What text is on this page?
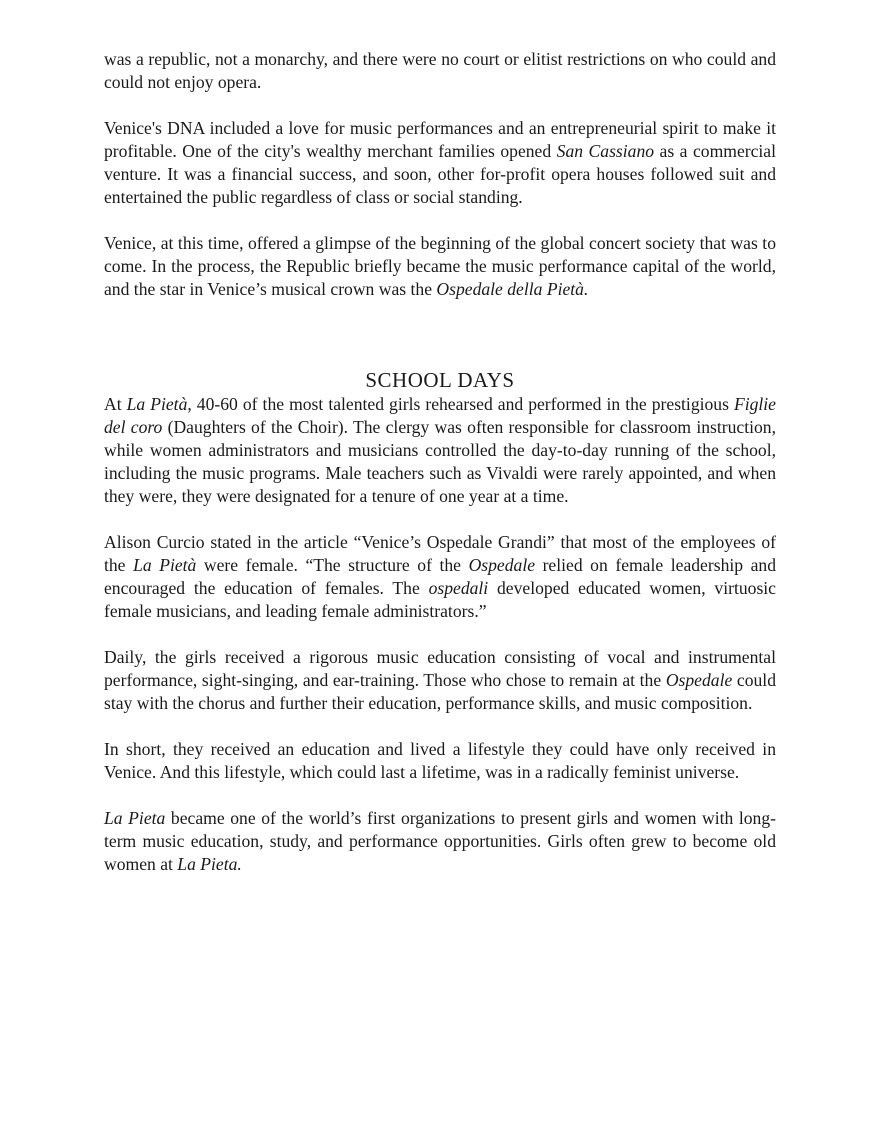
was a republic, not a monarchy, and there were no court or elitist restrictions on who could and could not enjoy opera.

Venice's DNA included a love for music performances and an entrepreneurial spirit to make it profitable. One of the city's wealthy merchant families opened San Cassiano as a commercial venture. It was a financial success, and soon, other for-profit opera houses followed suit and entertained the public regardless of class or social standing.

Venice, at this time, offered a glimpse of the beginning of the global concert society that was to come. In the process, the Republic briefly became the music performance capital of the world, and the star in Venice’s musical crown was the Ospedale della Pietà.

SCHOOL DAYS

At La Pietà, 40-60 of the most talented girls rehearsed and performed in the prestigious Figlie del coro (Daughters of the Choir). The clergy was often responsible for classroom instruction, while women administrators and musicians controlled the day-to-day running of the school, including the music programs. Male teachers such as Vivaldi were rarely appointed, and when they were, they were designated for a tenure of one year at a time.

Alison Curcio stated in the article “Venice’s Ospedale Grandi” that most of the employees of the La Pietà were female. “The structure of the Ospedale relied on female leadership and encouraged the education of females. The ospedali developed educated women, virtuosic female musicians, and leading female administrators.”

Daily, the girls received a rigorous music education consisting of vocal and instrumental performance, sight-singing, and ear-training. Those who chose to remain at the Ospedale could stay with the chorus and further their education, performance skills, and music composition.

In short, they received an education and lived a lifestyle they could have only received in Venice. And this lifestyle, which could last a lifetime, was in a radically feminist universe.

La Pieta became one of the world’s first organizations to present girls and women with long-term music education, study, and performance opportunities. Girls often grew to become old women at La Pieta.
